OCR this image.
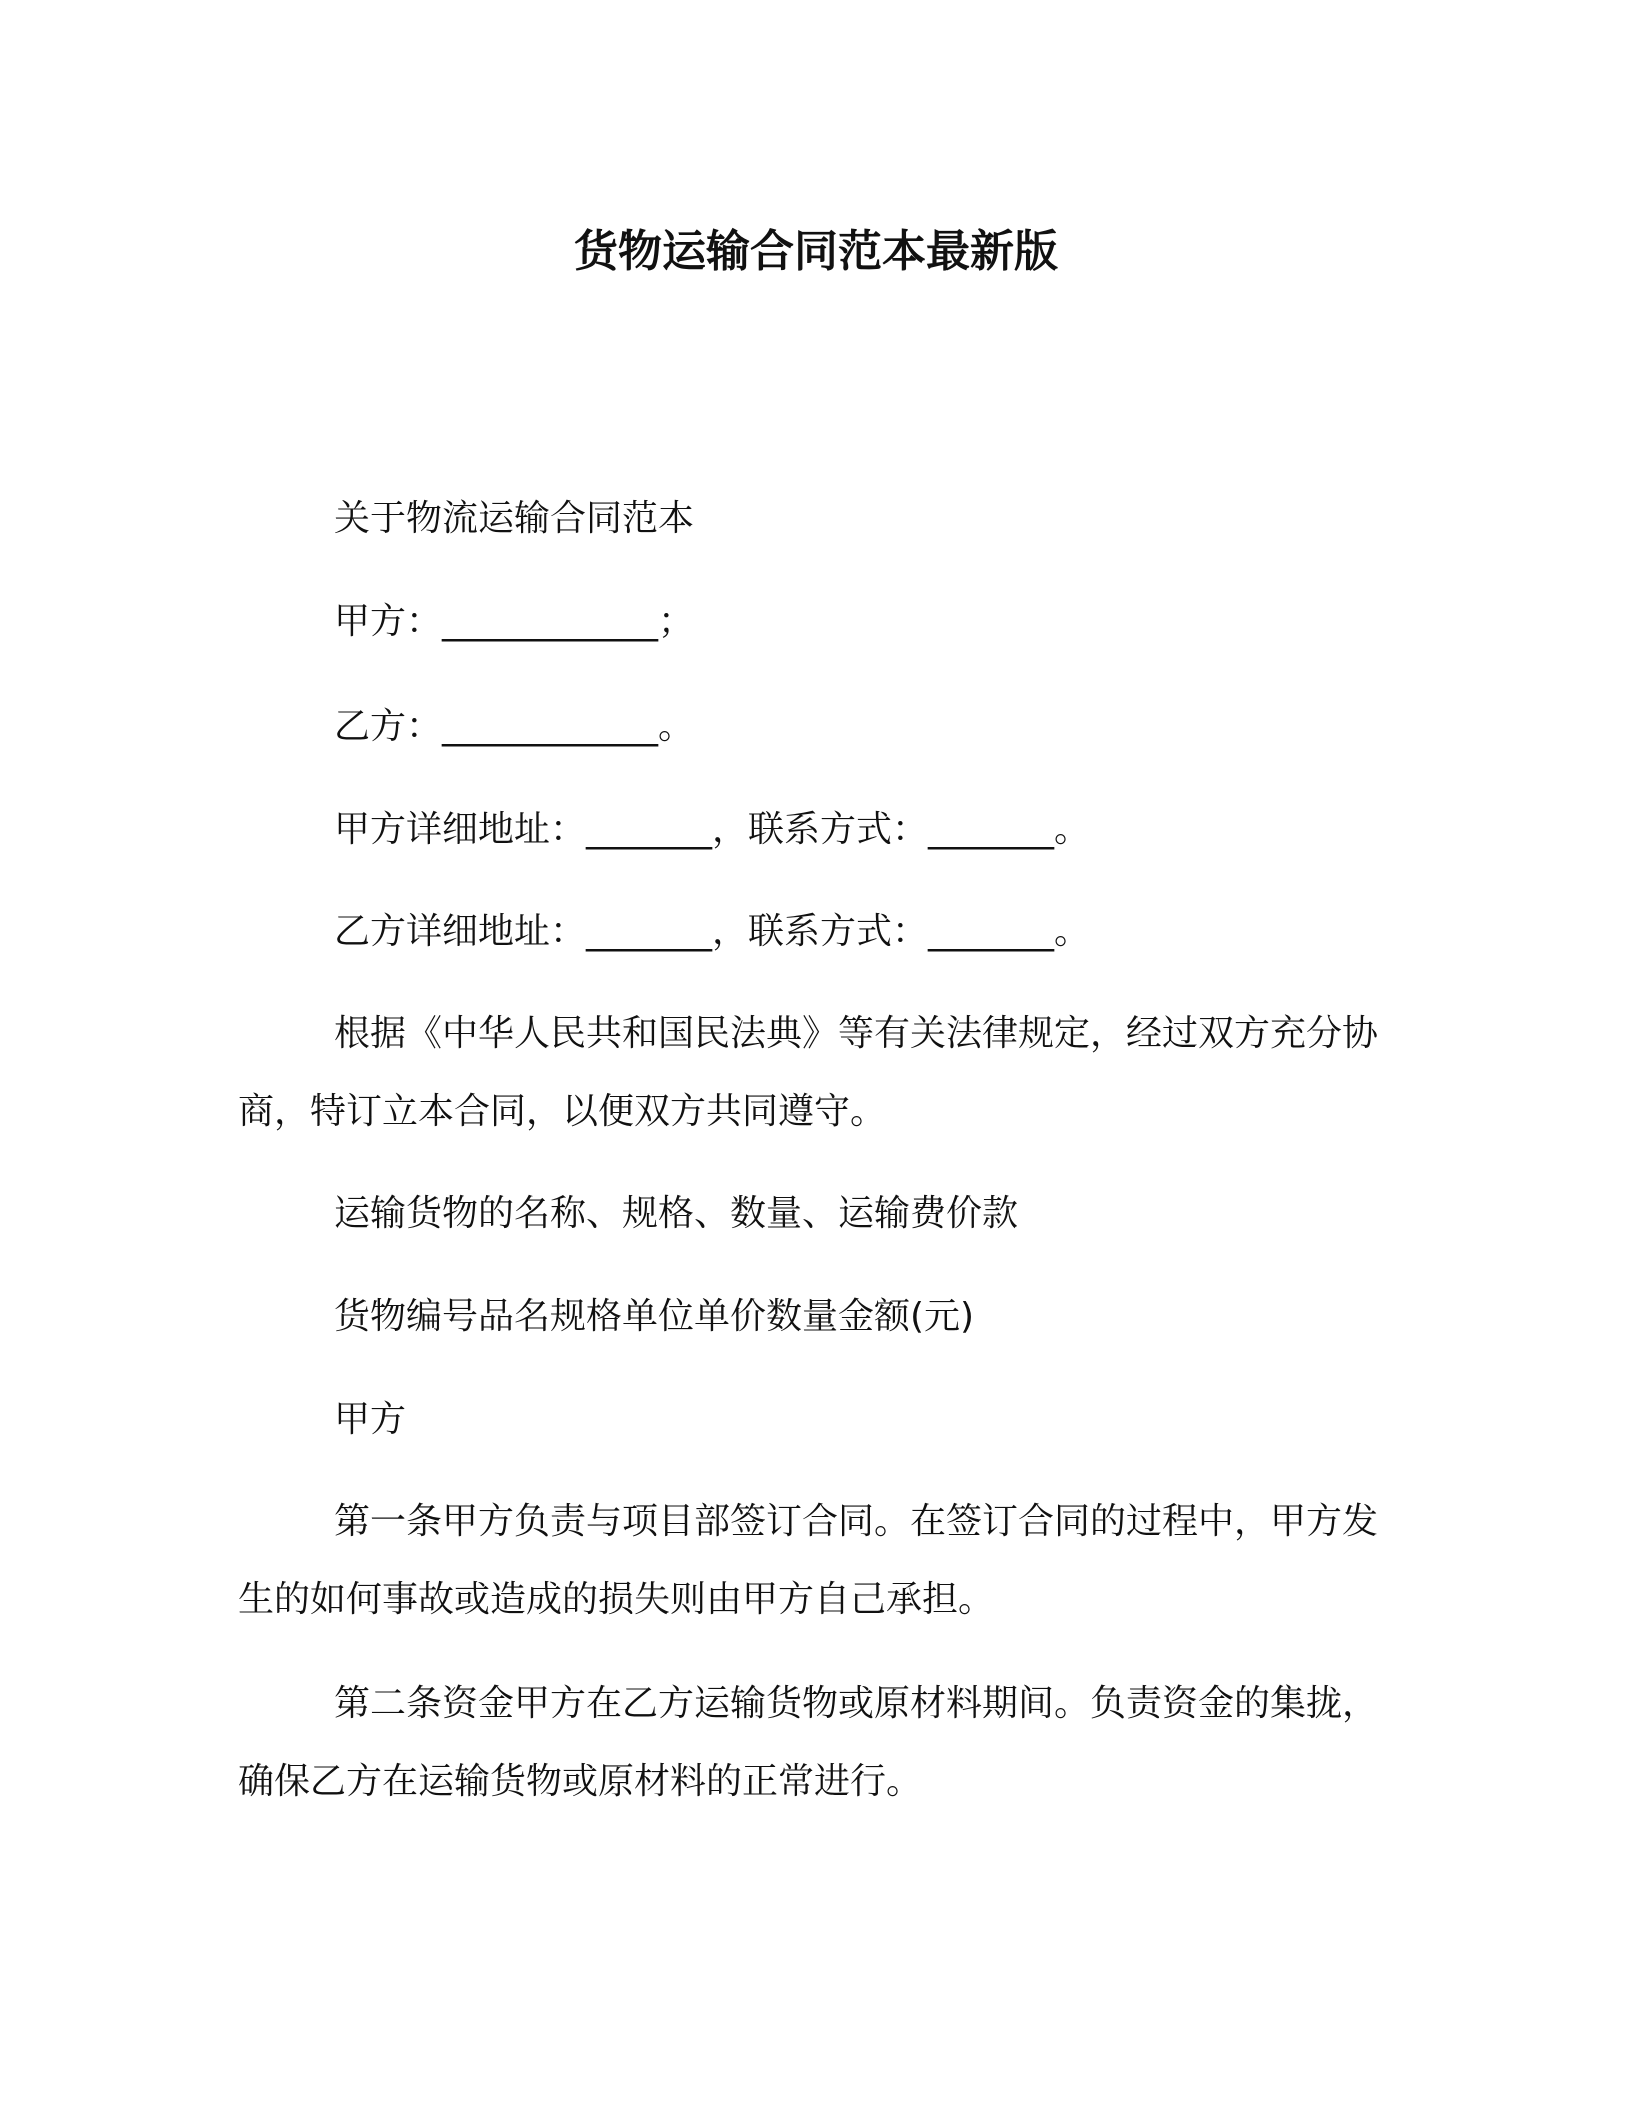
货物运输合同范本最新版
关于物流运输合同范本
甲方：____________；
乙方：____________。
甲方详细地址：_______，联系方式：_______。
乙方详细地址：_______，联系方式：_______。
根据《中华人民共和国民法典》等有关法律规定，经过双方充分协商，特订立本合同，以便双方共同遵守。
运输货物的名称、规格、数量、运输费价款
货物编号品名规格单位单价数量金额(元)
甲方
第一条甲方负责与项目部签订合同。在签订合同的过程中，甲方发生的如何事故或造成的损失则由甲方自己承担。
第二条资金甲方在乙方运输货物或原材料期间。负责资金的集拢，确保乙方在运输货物或原材料的正常进行。
